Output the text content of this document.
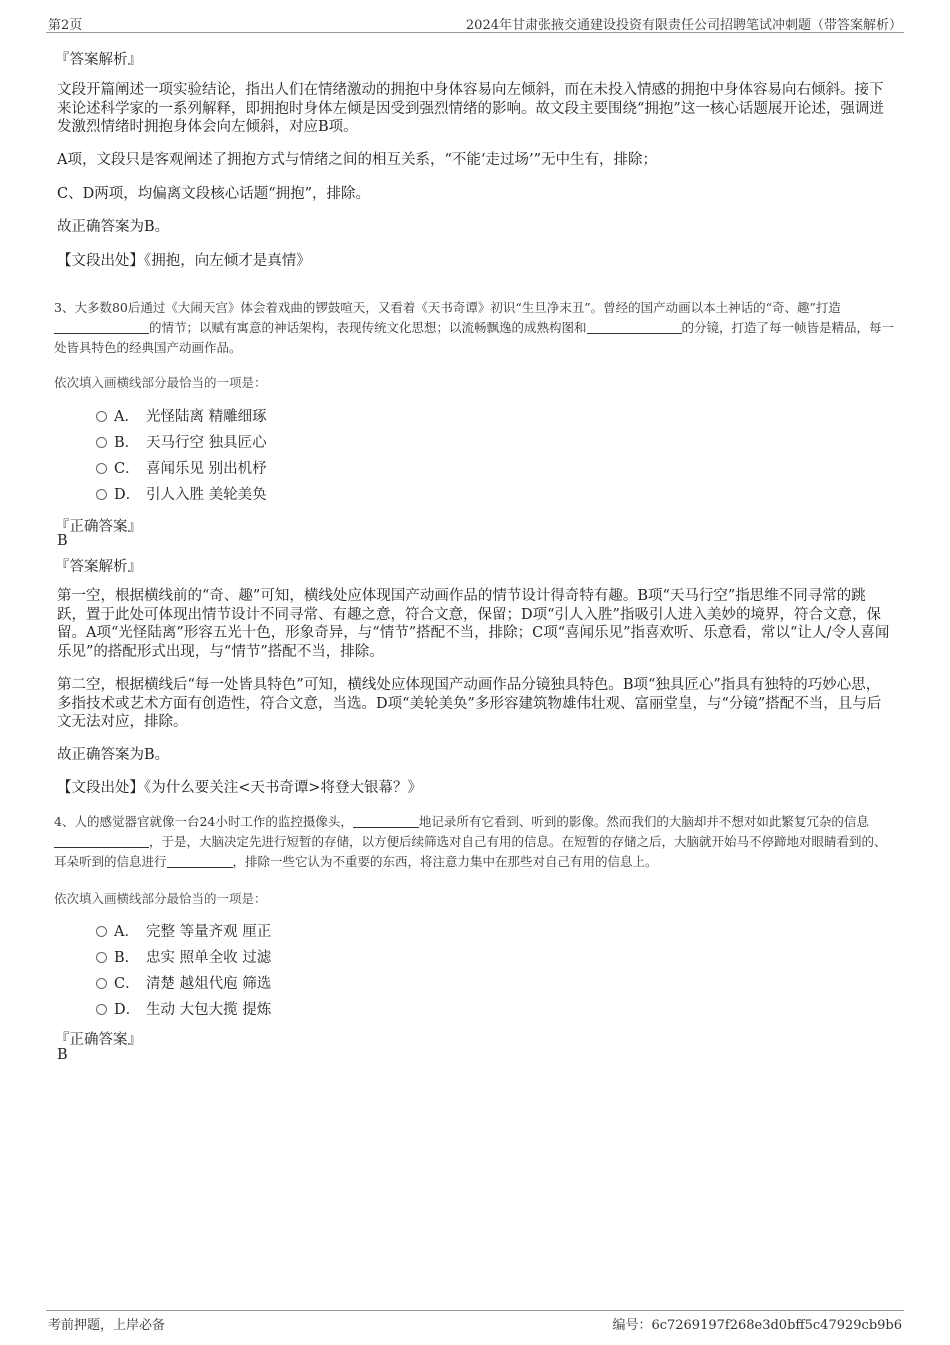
第2页	2024年甘肃张掖交通建设投资有限责任公司招聘笔试冲刺题（带答案解析）
『答案解析』
文段开篇阐述一项实验结论，指出人们在情绪激动的拥抱中身体容易向左倾斜，而在未投入情感的拥抱中身体容易向右倾斜。接下来论述科学家的一系列解释，即拥抱时身体左倾是因受到强烈情绪的影响。故文段主要围绕“拥抱”这一核心话题展开论述，强调迸发激烈情绪时拥抱身体会向左倾斜，对应B项。
A项，文段只是客观阐述了拥抱方式与情绪之间的相互关系，“不能‘走过场’”无中生有，排除；
C、D两项，均偏离文段核心话题“拥抱”，排除。
故正确答案为B。
【文段出处】《拥抱，向左倾才是真情》
3、大多数80后通过《大闹天宫》体会着戏曲的锣鼓喧天，又看着《天书奇谭》初识“生旦净末丑”。曾经的国产动画以本土神话的“奇、趣”打造的情节；以赋有寓意的神话架构，表现传统文化思想；以流畅飘逸的成熟构图和	的分镜，打造了每一帧皆是精品，每一处皆具特色的经典国产动画作品。
依次填入画横线部分最恰当的一项是：
A． 光怪陆离 精雕细琢
B． 天马行空 独具匠心
C． 喜闻乐见 别出机杼
D． 引人入胜 美轮美奂
『正确答案』
B
『答案解析』
第一空，根据横线前的“奇、趣”可知，横线处应体现国产动画作品的情节设计得奇特有趣。B项“天马行空”指思维不同寻常的跳跃，置于此处可体现出情节设计不同寻常、有趣之意，符合文意，保留；D项“引人入胜”指吸引人进入美妙的境界，符合文意，保留。A项“光怪陆离”形容五光十色，形象奇异，与“情节”搭配不当，排除；C项“喜闻乐见”指喜欢听、乐意看，常以“让人/令人喜闻乐见”的搭配形式出现，与“情节”搭配不当，排除。
第二空，根据横线后“每一处皆具特色”可知，横线处应体现国产动画作品分镜独具特色。B项“独具匠心”指具有独特的巧妙心思，多指技术或艺术方面有创造性，符合文意，当选。D项“美轮美奂”多形容建筑物雄伟壮观、富丽堂皇，与“分镜”搭配不当，且与后文无法对应，排除。
故正确答案为B。
【文段出处】《为什么要关注<天书奇谭>将登大银幕？》
4、人的感觉器官就像一台24小时工作的监控摄像头，	地记录所有它看到、听到的影像。然而我们的大脑却并不想对如此繁复冗杂的信息，于是，大脑决定先进行短暂的存储，以方便后续筛选对自己有用的信息。在短暂的存储之后，大脑就开始马不停蹄地对眼睛看到的、耳朵听到的信息进行	，排除一些它认为不重要的东西，将注意力集中在那些对自己有用的信息上。
依次填入画横线部分最恰当的一项是：
A． 完整 等量齐观 厘正
B． 忠实 照单全收 过滤
C． 清楚 越俎代庖 筛选
D． 生动 大包大揽 提炼
『正确答案』
B
考前押题，上岸必备	编号：6c7269197f268e3d0bff5c47929cb9b6
